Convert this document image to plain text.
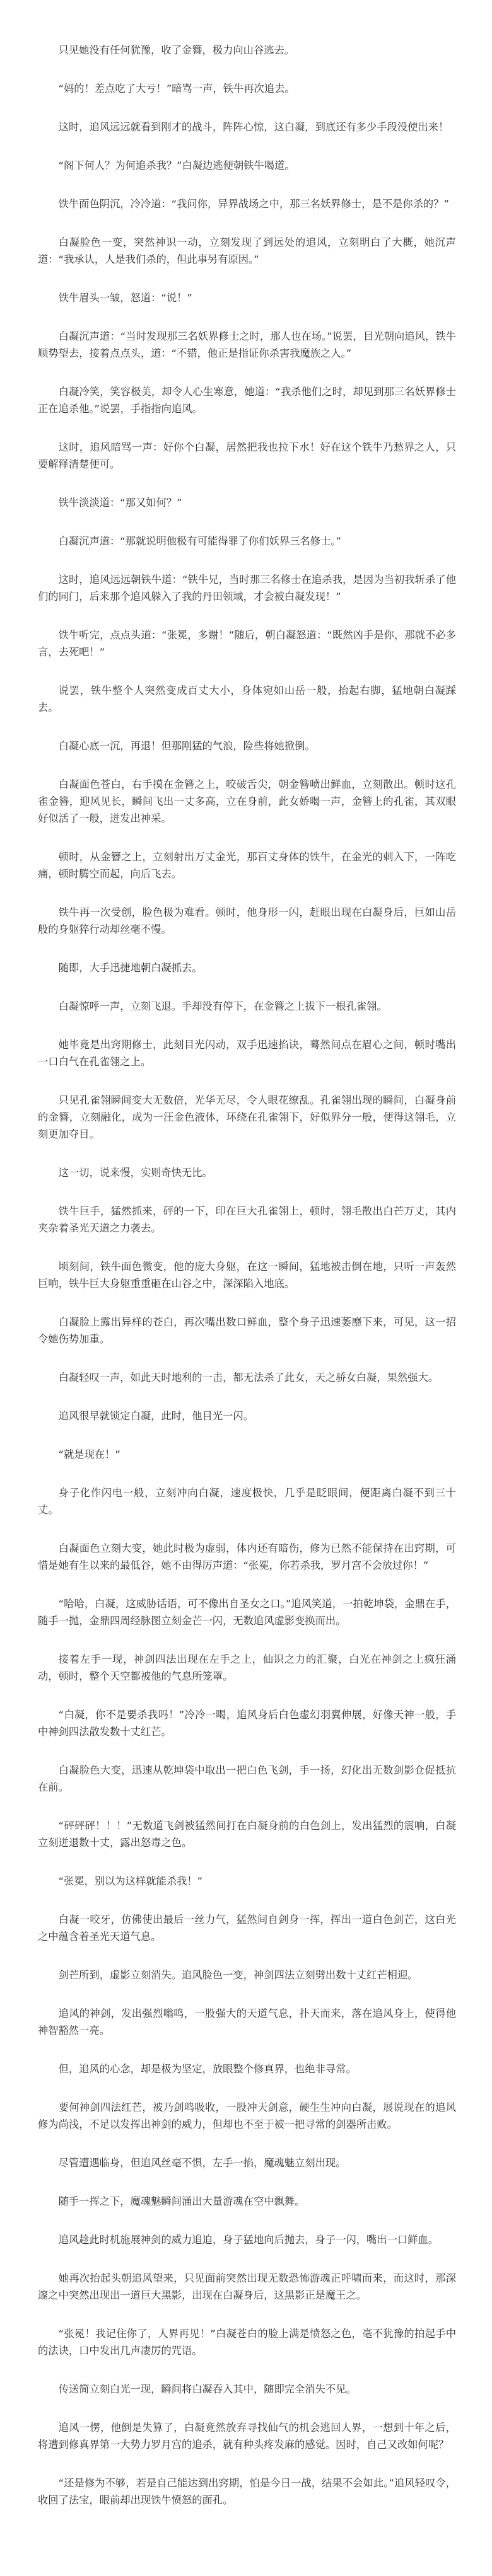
只见她没有任何犹豫，收了金簪，极力向山谷逃去。

“妈的！差点吃了大亏！”暗骂一声，铁牛再次追去。

这时，追风远远就看到刚才的战斗，阵阵心惊，这白凝，到底还有多少手段没使出来！

“阁下何人？为何追杀我？”白凝边逃便朝铁牛喝道。

铁牛面色阴沉，冷冷道：“我问你，异界战场之中，那三名妖界修士，是不是你杀的？”

白凝脸色一变，突然神识一动，立刻发现了到远处的追风，立刻明白了大概，她沉声道：“我承认，人是我们杀的，但此事另有原因。”

铁牛眉头一皱，怒道：“说！”

白凝沉声道：“当时发现那三名妖界修士之时，那人也在场。”说罢，目光朝向追风，铁牛顺势望去，接着点点头，道：“不错，他正是指证你杀害我魔族之人。”

白凝冷笑，笑容极美，却令人心生寒意，她道：“我杀他们之时，却见到那三名妖界修士正在追杀他。”说罢，手指指向追风。

这时，追风暗骂一声：好你个白凝，居然把我也拉下水！好在这个铁牛乃愁界之人，只要解释清楚便可。

铁牛淡淡道：“那又如何？”

白凝沉声道：“那就说明他极有可能得罪了你们妖界三名修士。”

这时，追风远远朝铁牛道：“铁牛兄，当时那三名修士在追杀我，是因为当初我斩杀了他们的同门，后来那个追风躲入了我的丹田领域，才会被白凝发现！”

铁牛听完，点点头道：“张冕，多谢！”随后，朝白凝怒道：“既然凶手是你，那就不必多言，去死吧！”

说罢，铁牛整个人突然变成百丈大小，身体宛如山岳一般，抬起右脚，猛地朝白凝踩去。

白凝心底一沉，再退！但那刚猛的气浪，险些将她掀倒。

白凝面色苍白，右手摸在金簪之上，咬破舌尖，朝金簪喷出鲜血，立刻散出。顿时这孔雀金簪，迎风见长，瞬间飞出一丈多高，立在身前，此女娇喝一声，金簪上的孔雀，其双眼好似活了一般，迸发出神采。

顿时，从金簪之上，立刻射出万丈金光，那百丈身体的铁牛，在金光的刺入下，一阵吃痛，顿时腾空而起，向后飞去。

铁牛再一次受创，脸色极为难看。顿时，他身形一闪，赶眼出现在白凝身后，巨如山岳般的身躯猝行动却丝毫不慢。

随即，大手迅捷地朝白凝抓去。

白凝惊呼一声，立刻飞退。手却没有停下，在金簪之上拔下一根孔雀翎。

她毕竟是出窍期修士，此刻目光闪动，双手迅速掐诀，蓦然间点在眉心之间，顿时嘴出一口白气在孔雀翎之上。

只见孔雀翎瞬间变大无数倍，光华无尽，令人眼花缭乱。孔雀翎出现的瞬间，白凝身前的金簪，立刻融化，成为一汪金色液体，环绕在孔雀翎下，好似界分一般，便得这翎毛，立刻更加夺目。

这一切，说来慢，实则奇快无比。

铁牛巨手，猛然抓来，砰的一下，印在巨大孔雀翎上，顿时，翎毛散出白芒万丈，其内夹杂着圣光天道之力袭去。

顷刻间，铁牛面色微变，他的庞大身躯，在这一瞬间，猛地被击倒在地，只听一声轰然巨响，铁牛巨大身躯重重砸在山谷之中，深深陷入地底。

白凝脸上露出异样的苍白，再次嘴出数口鲜血，整个身子迅速萎靡下来，可见，这一招令她伤势加重。

白凝轻叹一声，如此天时地利的一击，都无法杀了此女，天之骄女白凝，果然强大。

追风很早就锁定白凝，此时，他目光一闪。

“就是现在！”

身子化作闪电一般，立刻冲向白凝，速度极快，几乎是眨眼间，便距离白凝不到三十丈。

白凝面色立刻大变，她此时极为虚弱，体内还有暗伤，修为已然不能保持在出窍期，可惜是她有生以来的最低谷，她不由得厉声道：“张冕，你若杀我，罗月宫不会放过你！”

“哈哈，白凝，这威胁话语，可不像出自圣女之口。”追风笑道，一拍乾坤袋，金鼎在手，随手一抛，金鼎四周经脉图立刻金芒一闪，无数追风虚影变换而出。

接着左手一现，神剑四法出现在左手之上，仙识之力的汇聚，白光在神剑之上疯狂涌动，顿时，整个天空都被他的气息所笼罩。

“白凝，你不是要杀我吗！”冷冷一喝，追风身后白色虚幻羽翼伸展，好像天神一般，手中神剑四法散发数十丈红芒。

白凝脸色大变，迅速从乾坤袋中取出一把白色飞剑，手一扬，幻化出无数剑影仓促抵抗在前。

“砰砰砰！！！”无数道飞剑被猛然间打在白凝身前的白色剑上，发出猛烈的震响，白凝立刻迸退数十丈，露出怒毒之色。

“张冕，别以为这样就能杀我！”

白凝一咬牙，仿佛使出最后一丝力气，猛然间自剑身一挥，挥出一道白色剑芒，这白光之中蕴含着圣光天道气息。

剑芒所到，虚影立刻消失。追风脸色一变，神剑四法立刻劈出数十丈红芒相迎。

追风的神剑，发出强烈嗡鸣，一股强大的天道气息，扑天而来，落在追风身上，使得他神智豁然一亮。

但，追风的心念，却是极为坚定，放眼整个修真界，也绝非寻常。

要何神剑四法红芒，被乃剑鸣吸收，一股冲天剑意，硬生生冲向白凝，展说现在的追风修为尚浅，不足以发挥出神剑的威力，但却也不至于被一把寻常的剑器所击败。

尽管遭遇临身，但追风丝毫不惧，左手一掐，魔魂魅立刻出现。

随手一挥之下，魔魂魅瞬间涌出大量游魂在空中飘舞。

追风趁此时机施展神剑的威力追迫，身子猛地向后抛去，身子一闪，嘴出一口鲜血。

她再次抬起头朝追风望来，只见面前突然出现无数恐怖游魂正呼啸而来，而这时，那深邃之中突然出现出一道巨大黑影，出现在白凝身后，这黑影正是魔王之。

“张冕！我记住你了，人界再见！”白凝苍白的脸上满是愤怒之色，毫不犹豫的拍起手中的法诀，口中发出几声凄厉的咒语。

传送简立刻白光一现，瞬间将白凝吞入其中，随即完全消失不见。

追风一愣，他倒是失算了，白凝竟然放弃寻找仙气的机会逃回人界，一想到十年之后，将遭到修真界第一大势力罗月宫的追杀，就有种头疼发麻的感觉。因时，自己又改如何呢？

“还是修为不够，若是自己能达到出窍期，怕是今日一战，结果不会如此。”追风轻叹令，收回了法宝，眼前却出现铁牛愤怒的面孔。
